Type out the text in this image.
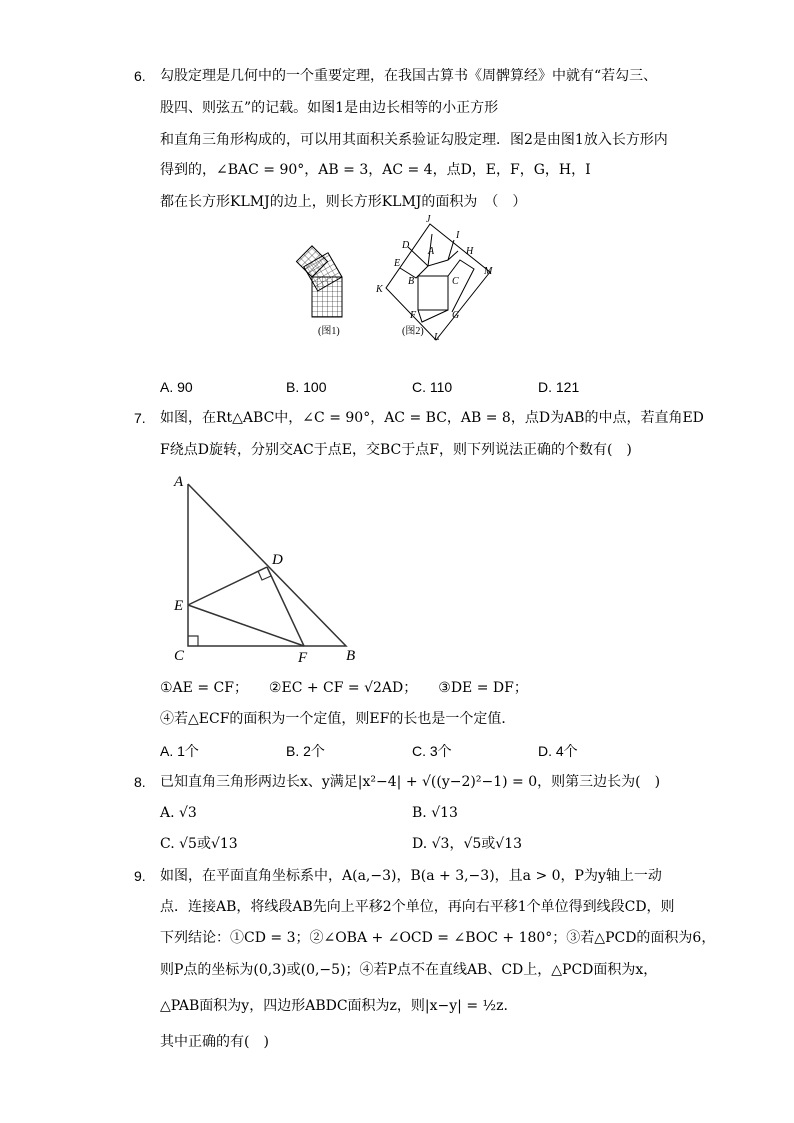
6. 勾股定理是几何中的一个重要定理，在我国古算书《周髀算经》中就有“若勾三、
股四、则弦五”的记载。如图1是由边长相等的小正方形
和直角三角形构成的，可以用其面积关系验证勾股定理．图2是由图1放入长方形内
得到的，∠BAC = 90°，AB = 3，AC = 4，点D，E，F，G，H，I
都在长方形KLMJ的边上，则长方形KLMJ的面积为　（　）
(图1)
J
I
D
A	H
E
M
B	C
K
F	G
L
(图2)
A. 90	B. 100	C. 110	D. 121
7. 如图，在Rt△ABC中，∠C = 90°，AC = BC，AB = 8，点D为AB的中点，若直角ED
F绕点D旋转，分别交AC于点E，交BC于点F，则下列说法正确的个数有(　)
A
D
E
C	F	B
①AE = CF；　　②EC + CF = √2AD；　　③DE = DF；
④若△ECF的面积为一个定值，则EF的长也是一个定值．
A. 1个	B. 2个	C. 3个	D. 4个
8. 已知直角三角形两边长x、y满足|x²−4| + √((y−2)²−1) = 0，则第三边长为(　)
A. √3	B. √13
C. √5或√13	D. √3，√5或√13
9. 如图，在平面直角坐标系中，A(a,−3)，B(a + 3,−3)，且a > 0，P为y轴上一动
点．连接AB，将线段AB先向上平移2个单位，再向右平移1个单位得到线段CD，则
下列结论：①CD = 3；②∠OBA + ∠OCD = ∠BOC + 180°；③若△PCD的面积为6，
则P点的坐标为(0,3)或(0,−5)；④若P点不在直线AB、CD上，△PCD面积为x，
△PAB面积为y，四边形ABDC面积为z，则|x−y| = ½z.
其中正确的有(　)
